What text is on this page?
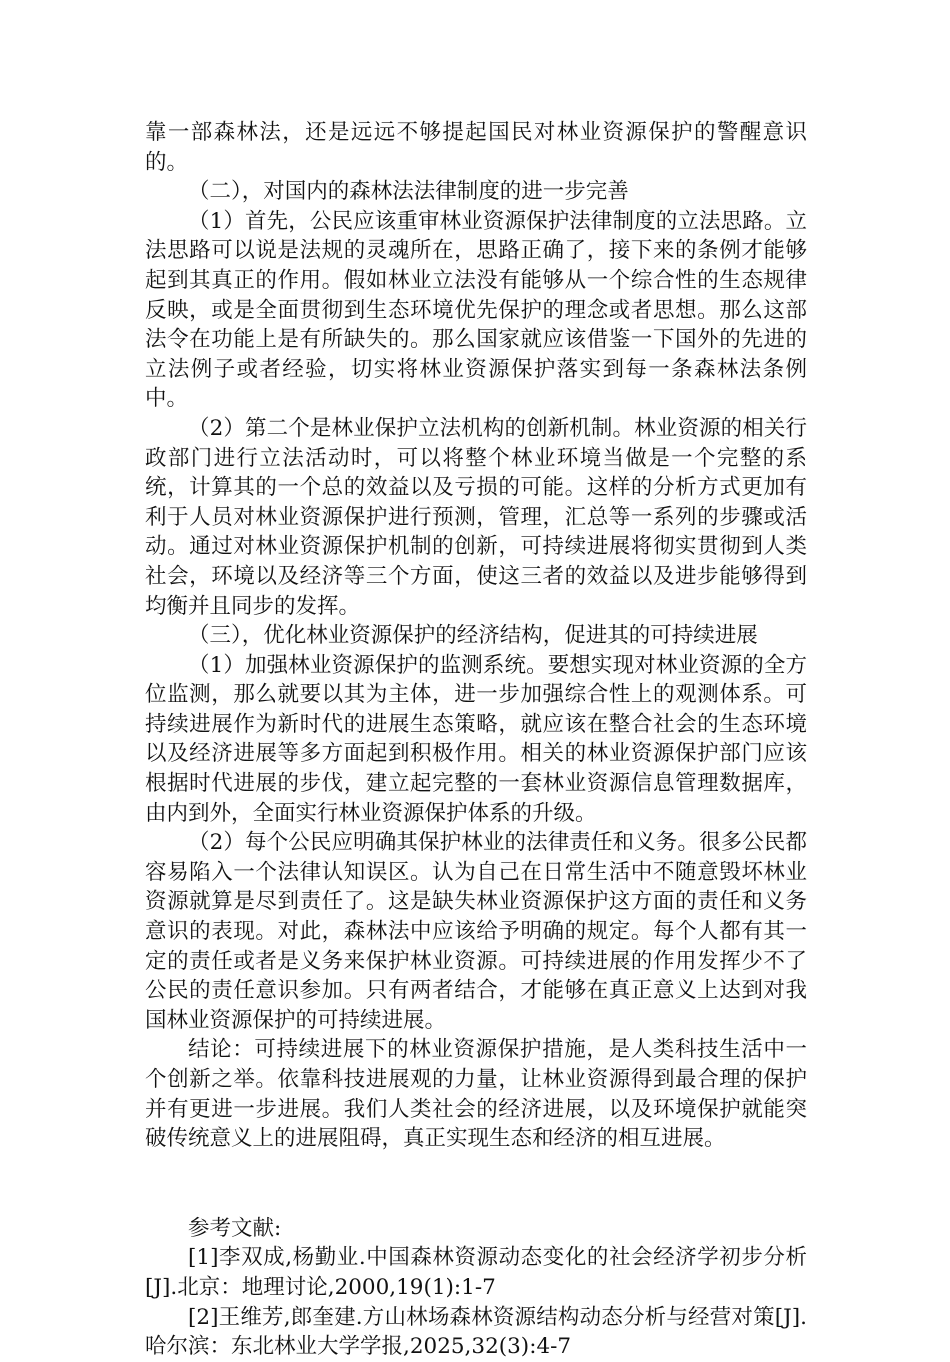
靠一部森林法，还是远远不够提起国民对林业资源保护的警醒意识的。

（二），对国内的森林法法律制度的进一步完善

（1）首先，公民应该重审林业资源保护法律制度的立法思路。立法思路可以说是法规的灵魂所在，思路正确了，接下来的条例才能够起到其真正的作用。假如林业立法没有能够从一个综合性的生态规律反映，或是全面贯彻到生态环境优先保护的理念或者思想。那么这部法令在功能上是有所缺失的。那么国家就应该借鉴一下国外的先进的立法例子或者经验，切实将林业资源保护落实到每一条森林法条例中。

（2）第二个是林业保护立法机构的创新机制。林业资源的相关行政部门进行立法活动时，可以将整个林业环境当做是一个完整的系统，计算其的一个总的效益以及亏损的可能。这样的分析方式更加有利于人员对林业资源保护进行预测，管理，汇总等一系列的步骤或活动。通过对林业资源保护机制的创新，可持续进展将彻实贯彻到人类社会，环境以及经济等三个方面，使这三者的效益以及进步能够得到均衡并且同步的发挥。

（三），优化林业资源保护的经济结构，促进其的可持续进展

（1）加强林业资源保护的监测系统。要想实现对林业资源的全方位监测，那么就要以其为主体，进一步加强综合性上的观测体系。可持续进展作为新时代的进展生态策略，就应该在整合社会的生态环境以及经济进展等多方面起到积极作用。相关的林业资源保护部门应该根据时代进展的步伐，建立起完整的一套林业资源信息管理数据库，由内到外，全面实行林业资源保护体系的升级。

（2）每个公民应明确其保护林业的法律责任和义务。很多公民都容易陷入一个法律认知误区。认为自己在日常生活中不随意毁坏林业资源就算是尽到责任了。这是缺失林业资源保护这方面的责任和义务意识的表现。对此，森林法中应该给予明确的规定。每个人都有其一定的责任或者是义务来保护林业资源。可持续进展的作用发挥少不了公民的责任意识参加。只有两者结合，才能够在真正意义上达到对我国林业资源保护的可持续进展。

结论：可持续进展下的林业资源保护措施，是人类科技生活中一个创新之举。依靠科技进展观的力量，让林业资源得到最合理的保护并有更进一步进展。我们人类社会的经济进展，以及环境保护就能突破传统意义上的进展阻碍，真正实现生态和经济的相互进展。

参考文献:

[1]李双成,杨勤业.中国森林资源动态变化的社会经济学初步分析[J].北京：地理讨论,2000,19(1):1-7

[2]王维芳,郎奎建.方山林场森林资源结构动态分析与经营对策[J].哈尔滨：东北林业大学学报,2025,32(3):4-7
